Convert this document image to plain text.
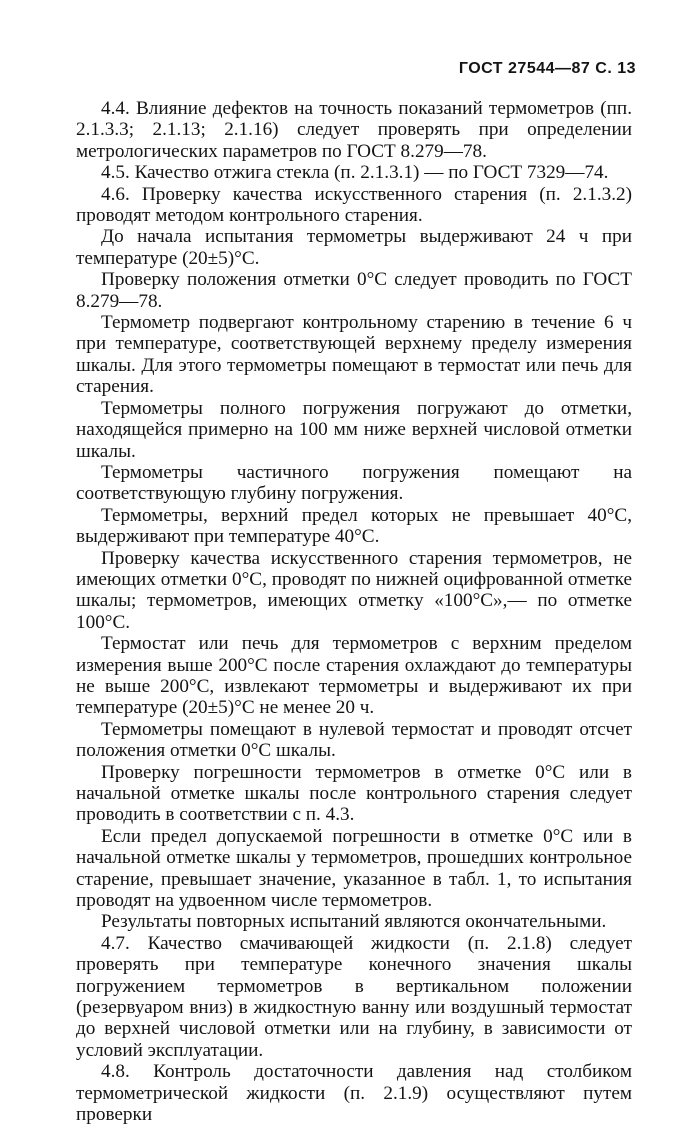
ГОСТ 27544—87 С. 13

4.4. Влияние дефектов на точность показаний термометров (пп. 2.1.3.3; 2.1.13; 2.1.16) следует проверять при определении метрологических параметров по ГОСТ 8.279—78.

4.5. Качество отжига стекла (п. 2.1.3.1) — по ГОСТ 7329—74.

4.6. Проверку качества искусственного старения (п. 2.1.3.2) проводят методом контрольного старения.

До начала испытания термометры выдерживают 24 ч при температуре (20±5)°С.

Проверку положения отметки 0°С следует проводить по ГОСТ 8.279—78.

Термометр подвергают контрольному старению в течение 6 ч при температуре, соответствующей верхнему пределу измерения шкалы. Для этого термометры помещают в термостат или печь для старения.

Термометры полного погружения погружают до отметки, находящейся примерно на 100 мм ниже верхней числовой отметки шкалы.

Термометры частичного погружения помещают на соответствующую глубину погружения.

Термометры, верхний предел которых не превышает 40°С, выдерживают при температуре 40°С.

Проверку качества искусственного старения термометров, не имеющих отметки 0°С, проводят по нижней оцифрованной отметке шкалы; термометров, имеющих отметку «100°С»,— по отметке 100°С.

Термостат или печь для термометров с верхним пределом измерения выше 200°С после старения охлаждают до температуры не выше 200°С, извлекают термометры и выдерживают их при температуре (20±5)°С не менее 20 ч.

Термометры помещают в нулевой термостат и проводят отсчет положения отметки 0°С шкалы.

Проверку погрешности термометров в отметке 0°С или в начальной отметке шкалы после контрольного старения следует проводить в соответствии с п. 4.3.

Если предел допускаемой погрешности в отметке 0°С или в начальной отметке шкалы у термометров, прошедших контрольное старение, превышает значение, указанное в табл. 1, то испытания проводят на удвоенном числе термометров.

Результаты повторных испытаний являются окончательными.

4.7. Качество смачивающей жидкости (п. 2.1.8) следует проверять при температуре конечного значения шкалы погружением термометров в вертикальном положении (резервуаром вниз) в жидкостную ванну или воздушный термостат до верхней числовой отметки или на глубину, в зависимости от условий эксплуатации.

4.8. Контроль достаточности давления над столбиком термометрической жидкости (п. 2.1.9) осуществляют путем проверки
